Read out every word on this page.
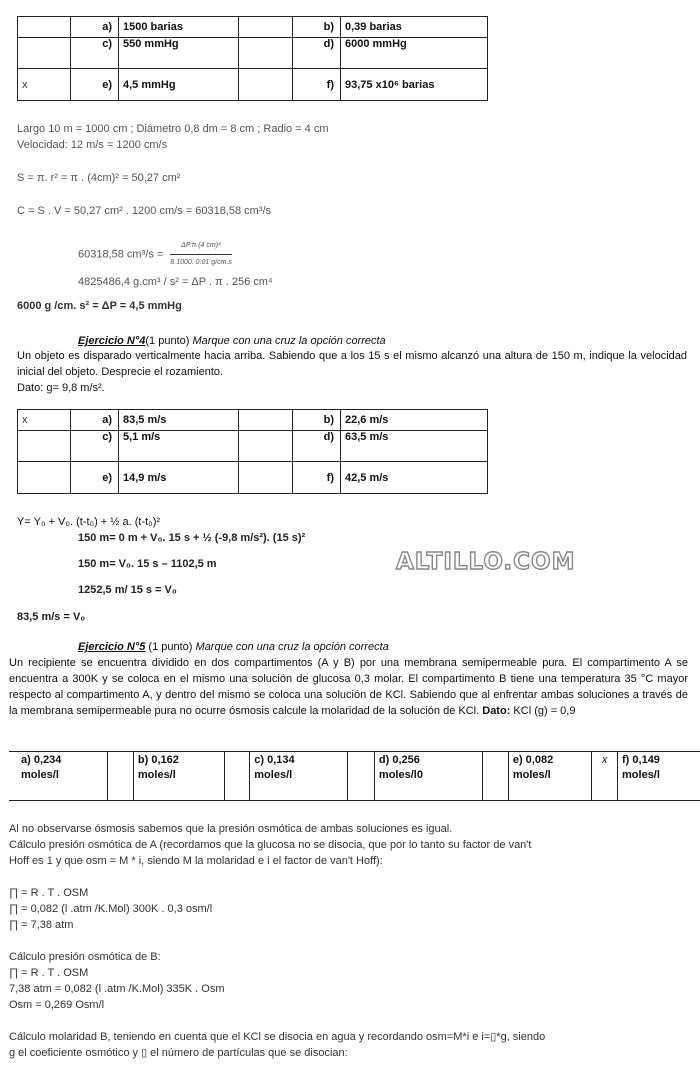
	a)	1500 barias		b)	0,39 barias
	c)	550 mmHg		d)	6000 mmHg
x	e)	4,5 mmHg		f)	93,75 x10⁶ barias
Largo 10 m = 1000 cm ; Diámetro 0,8 dm = 8 cm ; Radio = 4 cm
Velocidad: 12 m/s = 1200 cm/s
S = π. r² = π . (4cm)² = 50,27 cm²
C = S . V = 50,27 cm² . 1200 cm/s = 60318,58 cm³/s
60318,58 $cm^3/s = \frac{\text{ΔP.π.(4 cm)⁴}}{8.1000. 0.01 g/cm.s}$
4825486,4 g.cm³ / s² = ΔP . π . 256 cm⁴
6000 g /cm. s² = ΔP = 4,5 mmHg
Ejercicio N°4(1 punto) Marque con una cruz la opción correcta
Un objeto es disparado verticalmente hacia arriba. Sabiendo que a los 15 s el mismo alcanzó una altura de 150 m, indique la velocidad inicial del objeto. Desprecie el rozamiento.
Dato: g= 9,8 m/s².
x	a)	83,5 m/s		b)	22,6 m/s
	c)	5,1 m/s		d)	63,5 m/s
	e)	14,9 m/s		f)	42,5 m/s
Y= Y₀ + V₀. (t-t₀) + ½ a. (t-t₀)²
150 m= 0 m + V₀. 15 s + ½ (-9,8 m/s²). (15 s)²
150 m= V₀. 15 s – 1102,5 m
1252,5 m/ 15 s = V₀
83,5 m/s = V₀
ALTILLO.COM
Ejercicio N°5 (1 punto) Marque con una cruz la opción correcta
Un recipiente se encuentra dividido en dos compartimentos (A y B) por una membrana semipermeable pura. El compartimento A se encuentra a 300K y se coloca en el mismo una solución de glucosa 0,3 molar. El compartimento B tiene una temperatura 35 °C mayor respecto al compartimento A, y dentro del mismo se coloca una solución de KCl. Sabiendo que al enfrentar ambas soluciones a través de la membrana semipermeable pura no ocurre ósmosis calcule la molaridad de la solución de KCl. Dato: KCl (g) = 0,9
a) 0,234
moles/l

b) 0,162
moles/l

c) 0,134
moles/l

d) 0,256
moles/l0

e) 0,082
moles/l
	x	f) 0,149
moles/l
Al no observarse ósmosis sabemos que la presión osmótica de ambas soluciones es igual.
Cálculo presión osmótica de A (recordamos que la glucosa no se disocia, que por lo tanto su factor de van't
Hoff es 1 y que osm = M * i, siendo M la molaridad e i el factor de van't Hoff):

∏ = R . T . OSM
∏ = 0,082 (l .atm /K.Mol) 300K . 0,3 osm/l
∏ = 7,38 atm

Cálculo presión osmótica de B:
∏ = R . T . OSM
7,38 atm = 0,082 (l .atm /K.Mol) 335K . Osm
Osm = 0,269 Osm/l

Cálculo molaridad B, teniendo en cuenta que el KCl se disocia en agua y recordando osm=M*i e i=▯*g, siendo
g el coeficiente osmótico y ▯ el número de partículas que se disocian:
